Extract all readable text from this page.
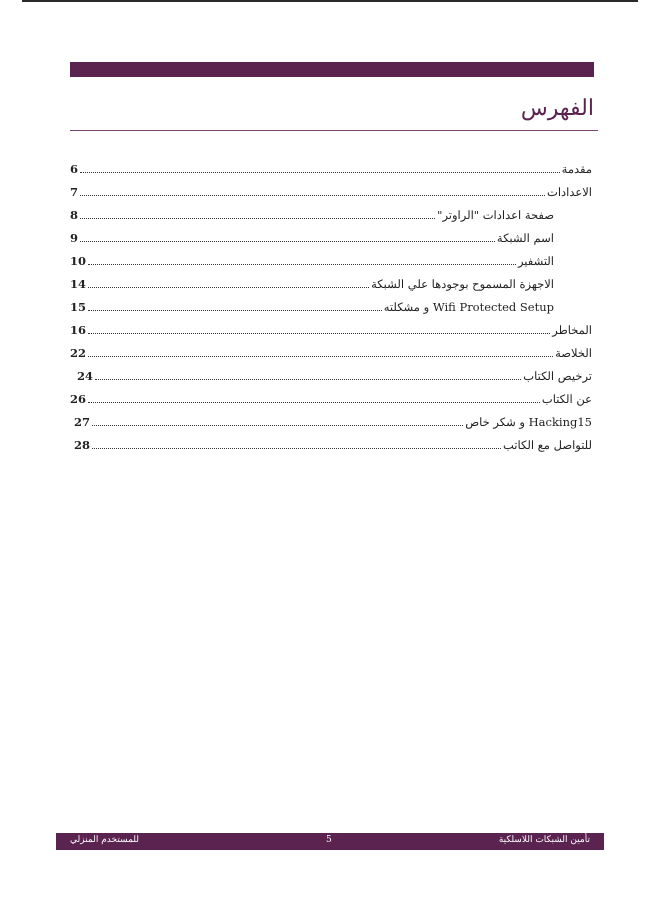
الفهرس
مقدمة
6
الاعدادات
7
صفحة اعدادات "الراوتر"
8
اسم الشبكة
9
التشفير
10
الاجهزة المسموح بوجودها علي الشبكة
14
Wifi Protected Setup و مشكلته
15
المخاطر
16
الخلاصة
22
ترخيص الكتاب
24
عن الكتاب
26
Hacking15 و شكر خاص
27
للتواصل مع الكاتب
28
تأمين الشبكات اللاسلكية
5
للمستخدم المنزلي
